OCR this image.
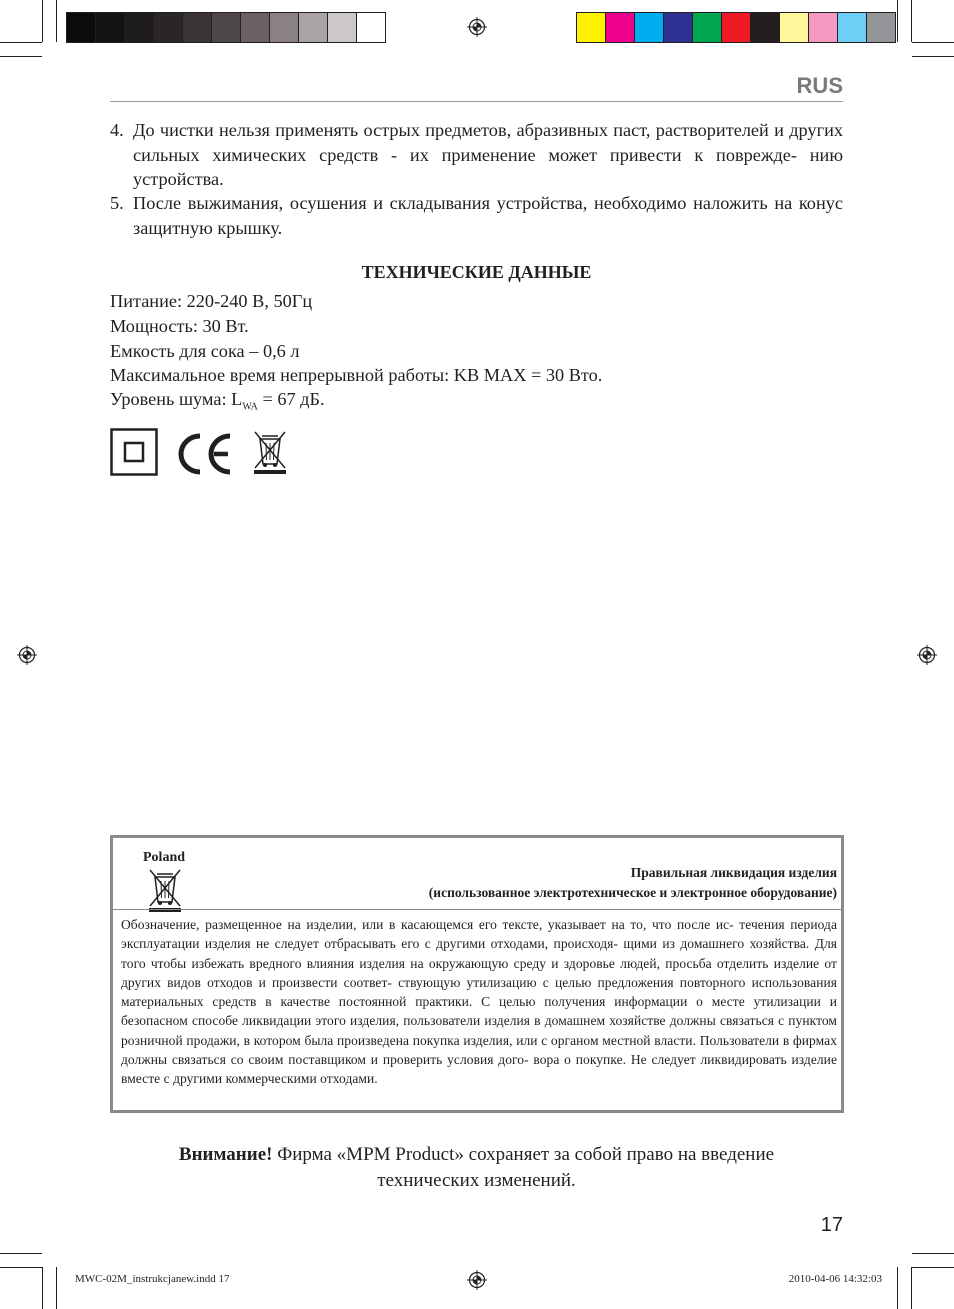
RUS
4. До чистки нельзя применять острых предметов, абразивных паст, растворителей и других сильных химических средств - их применение может привести к поврежде- нию устройства.
5. После выжимания, осушения и складывания устройства, необходимо наложить на конус защитную крышку.
ТЕХНИЧЕСКИЕ ДАННЫЕ
Питание: 220-240 В, 50Гц
Мощность: 30 Вт.
Емкость для сока – 0,6 л
Максимальное время непрерывной работы: KB MAX = 30 Вто.
Уровень шума: $L_{WA} = 67$ дБ.
Poland
Правильная ликвидация изделия
(использованное электротехническое и электронное оборудование)
Обозначение, размещенное на изделии, или в касающемся его тексте, указывает на то, что после ис- течения периода эксплуатации изделия не следует отбрасывать его с другими отходами, происходя- щими из домашнего хозяйства. Для того чтобы избежать вредного влияния изделия на окружающую среду и здоровье людей, просьба отделить изделие от других видов отходов и произвести соответ- ствующую утилизацию с целью предложения повторного использования материальных средств в качестве постоянной практики. С целью получения информации о месте утилизации и безопасном способе ликвидации этого изделия, пользователи изделия в домашнем хозяйстве должны связаться с пунктом розничной продажи, в котором была произведена покупка изделия, или с органом местной власти. Пользователи в фирмах должны связаться со своим поставщиком и проверить условия дого- вора о покупке. Не следует ликвидировать изделие вместе с другими коммерческими отходами.
Внимание! Фирма «MPM Product» сохраняет за собой право на введение
технических изменений.
17
MWC-02M_instrukcjanew.indd 17	2010-04-06 14:32:03
